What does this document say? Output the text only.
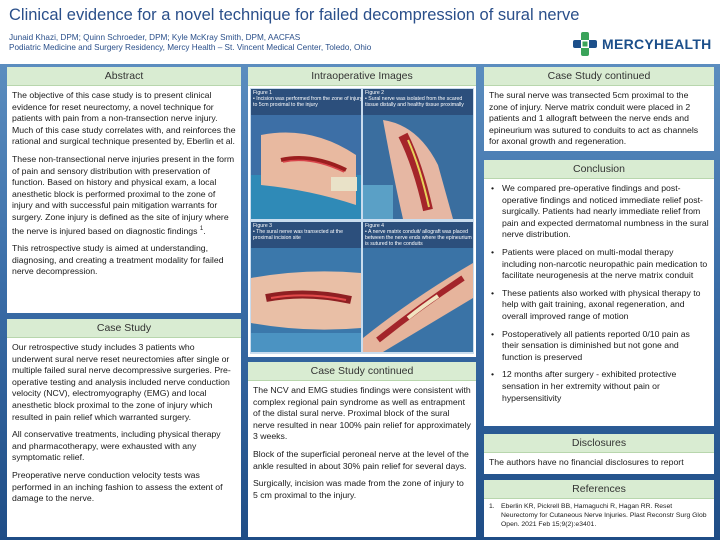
Clinical evidence for a novel technique for failed decompression of sural nerve
Junaid Khazi, DPM; Quinn Schroeder, DPM; Kyle McKray Smith, DPM, AACFAS
Podiatric Medicine and Surgery Residency, Mercy Health – St. Vincent Medical Center, Toledo, Ohio	MERCYHEALTH
Abstract

The objective of this case study is to present clinical evidence for reset neurectomy, a novel technique for patients with pain from a non-transection nerve injury. Much of this case study correlates with, and reinforces the rational and surgical technique presented by, Eberlin et al.

These non-transectional nerve injuries present in the form of pain and sensory distribution with preservation of function. Based on history and physical exam, a local anesthetic block is performed proximal to the zone of injury and with successful pain mitigation warrants for surgery. Zone injury is defined as the site of injury where the nerve is injured based on diagnostic findings $^1$.

This retrospective study is aimed at understanding, diagnosing, and creating a treatment modality for failed nerve decompression.

Case Study

Our retrospective study includes 3 patients who underwent sural nerve reset neurectomies after single or multiple failed sural nerve decompressive surgeries. Pre-operative testing and analysis included nerve conduction velocity (NCV), electromyography (EMG) and local anesthetic block proximal to the zone of injury which resulted in pain relief which warranted surgery.

All conservative treatments, including physical therapy and pharmacotherapy, were exhausted with any symptomatic relief.

Preoperative nerve conduction velocity tests was performed in an inching fashion to assess the extent of damage to the nerve.

Intraoperative Images
Figure 1
• Incision was performed from the zone of injury to 5cm proximal to the injury
Figure 2
• Sural nerve was isolated from the scared tissue distally and healthy tissue proximally
Figure 3
• The sural nerve was transected at the proximal incision site
Figure 4
• A nerve matrix conduit/ allograft was placed between the nerve ends where the epineurium is sutured to the conduits
Case Study continued

The NCV and EMG studies findings were consistent with complex regional pain syndrome as well as entrapment of the distal sural nerve. Proximal block of the sural nerve resulted in near 100% pain relief for approximately 3 weeks.

Block of the superficial peroneal nerve at the level of the ankle resulted in about 30% pain relief for several days.

Surgically, incision was made from the zone of injury to 5 cm proximal to the injury.

Case Study continued

The sural nerve was transected 5cm proximal to the zone of injury. Nerve matrix conduit were placed in 2 patients and 1 allograft between the nerve ends and epineurium was sutured to conduits to act as channels for axonal growth and regeneration.

Conclusion
• We compared pre-operative findings and post-operative findings and noticed immediate relief post-surgically. Patients had nearly immediate relief from pain and expected dermatomal numbness in the sural nerve distribution.
• Patients were placed on multi-modal therapy including non-narcotic neuropathic pain medication to facilitate neurogenesis at the nerve matrix conduit
• These patients also worked with physical therapy to help with gait training, axonal regeneration, and overall improved range of motion
• Postoperatively all patients reported 0/10 pain as their sensation is diminished but not gone and function is preserved
• 12 months after surgery - exhibited protective sensation in her extremity without pain or hypersensitivity
Disclosures
The authors have no financial disclosures to report
References
1. Eberlin KR, Pickrell BB, Hamaguchi R, Hagan RR. Reset Neurectomy for Cutaneous Nerve Injuries. Plast Reconstr Surg Glob Open. 2021 Feb 15;9(2):e3401.
